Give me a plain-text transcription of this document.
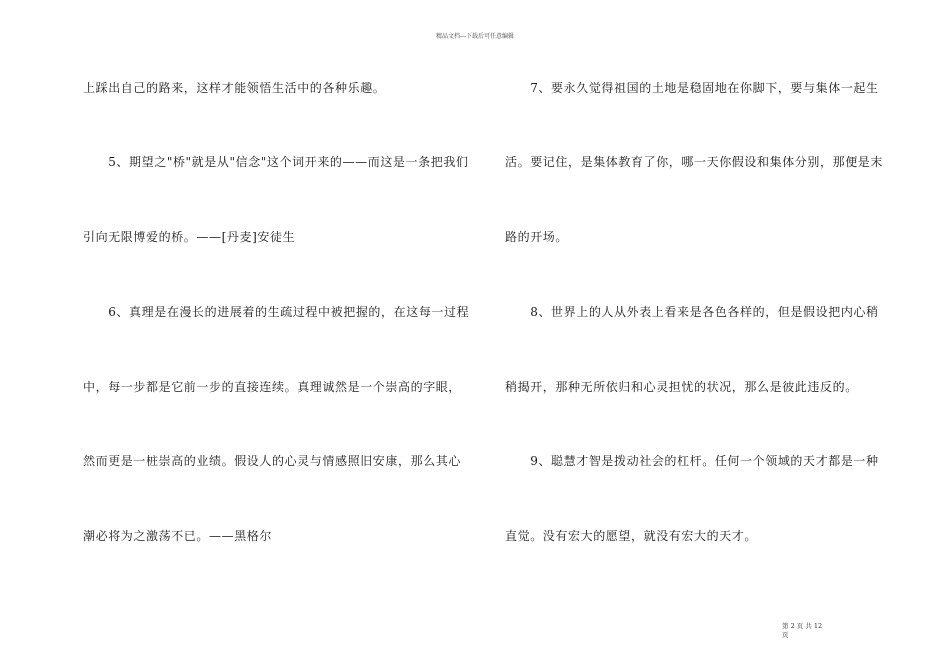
精品文档---下载后可任意编辑
上踩出自己的路来，这样才能领悟生活中的各种乐趣。
　　5、期望之"桥"就是从"信念"这个词开来的——而这是一条把我们
引向无限博爱的桥。——[丹麦]安徒生
　　6、真理是在漫长的进展着的生疏过程中被把握的，在这每一过程
中，每一步都是它前一步的直接连续。真理诚然是一个崇高的字眼，
然而更是一桩崇高的业绩。假设人的心灵与情感照旧安康，那么其心
潮必将为之激荡不已。——黑格尔
　　7、要永久觉得祖国的土地是稳固地在你脚下，要与集体一起生
活。要记住，是集体教育了你，哪一天你假设和集体分别，那便是末
路的开场。
　　8、世界上的人从外表上看来是各色各样的，但是假设把内心稍
稍揭开，那种无所依归和心灵担忧的状况，那么是彼此违反的。
　　9、聪慧才智是拨动社会的杠杆。任何一个领域的天才都是一种
直觉。没有宏大的愿望，就没有宏大的天才。
第 2 页 共 12
页
